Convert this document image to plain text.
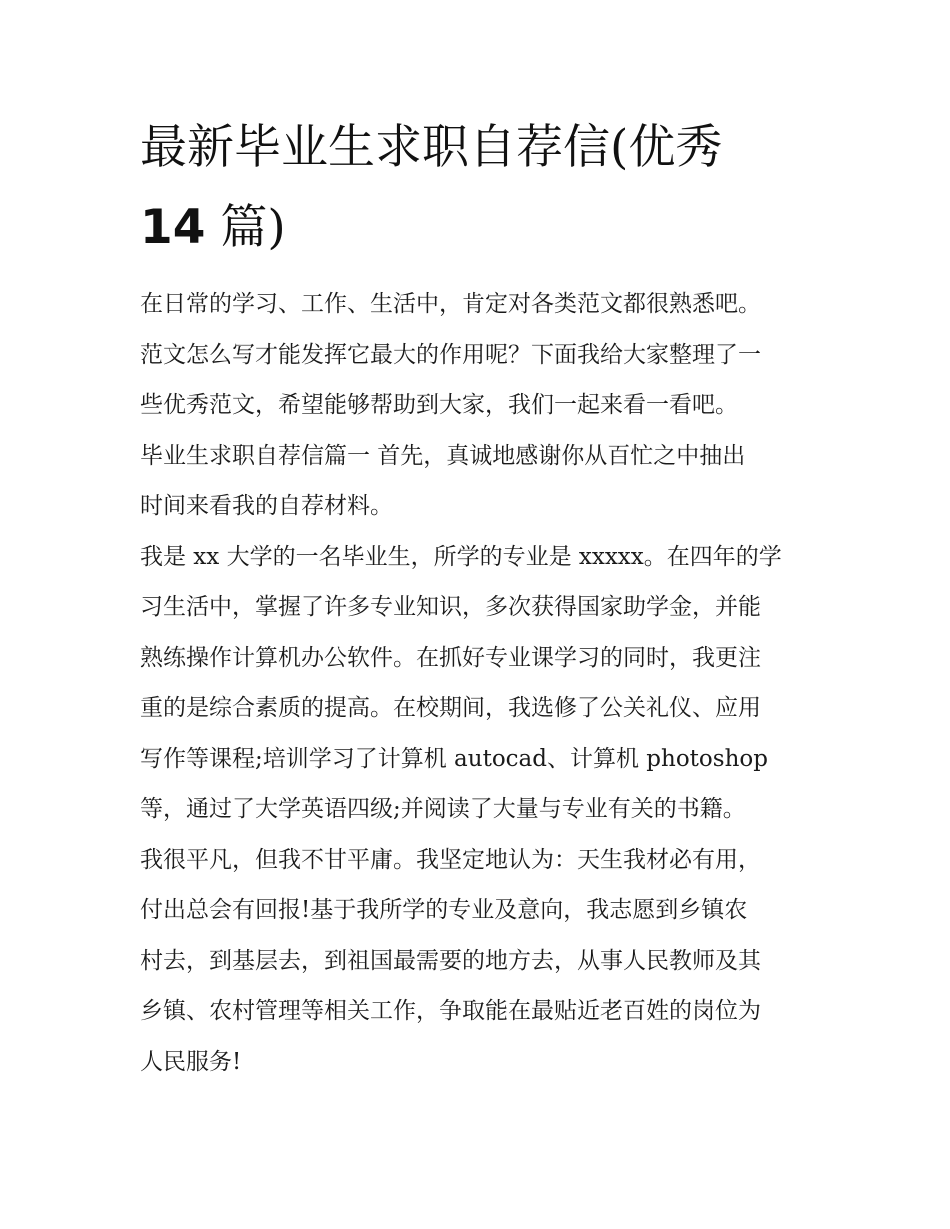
最新毕业生求职自荐信(优秀
14 篇)

在日常的学习、工作、生活中，肯定对各类范文都很熟悉吧。
范文怎么写才能发挥它最大的作用呢？下面我给大家整理了一
些优秀范文，希望能够帮助到大家，我们一起来看一看吧。

毕业生求职自荐信篇一 首先，真诚地感谢你从百忙之中抽出
时间来看我的自荐材料。

我是 xx 大学的一名毕业生，所学的专业是 xxxxx。在四年的学
习生活中，掌握了许多专业知识，多次获得国家助学金，并能
熟练操作计算机办公软件。在抓好专业课学习的同时，我更注
重的是综合素质的提高。在校期间，我选修了公关礼仪、应用
写作等课程;培训学习了计算机 autocad、计算机 photoshop
等，通过了大学英语四级;并阅读了大量与专业有关的书籍。

我很平凡，但我不甘平庸。我坚定地认为：天生我材必有用，
付出总会有回报!基于我所学的专业及意向，我志愿到乡镇农
村去，到基层去，到祖国最需要的地方去，从事人民教师及其
乡镇、农村管理等相关工作，争取能在最贴近老百姓的岗位为
人民服务!
